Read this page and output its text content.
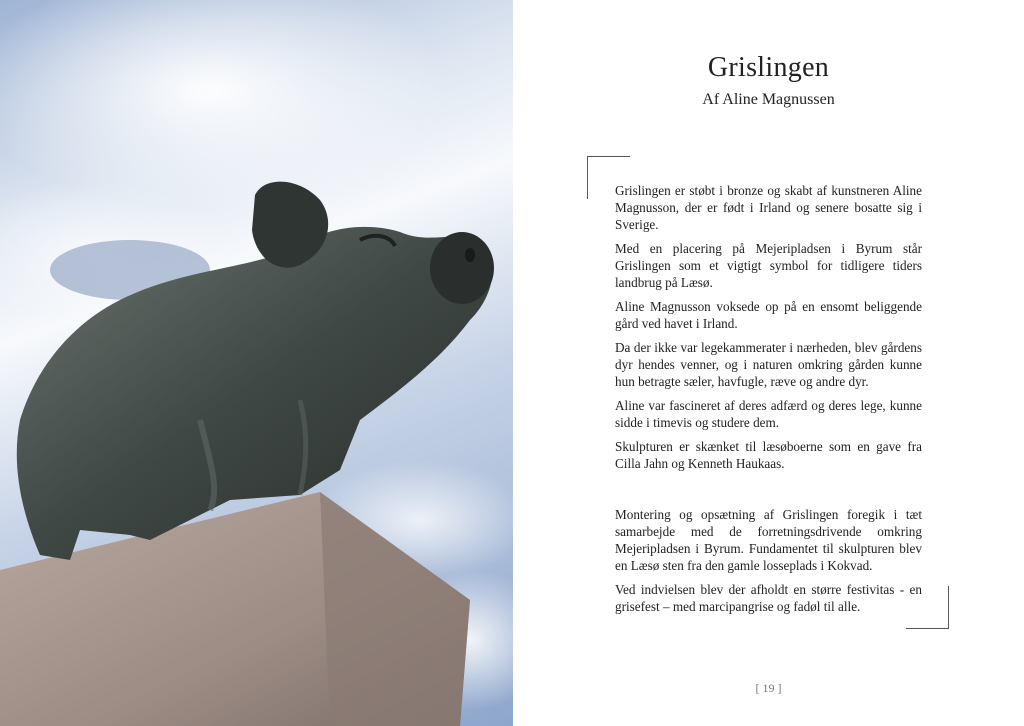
Grislingen
Af Aline Magnussen

Grislingen er støbt i bronze og skabt af kunstneren Aline Magnusson, der er født i Irland og senere bosatte sig i Sverige.

Med en placering på Mejeripladsen i Byrum står Grislingen som et vigtigt symbol for tidligere tiders landbrug på Læsø.

Aline Magnusson voksede op på en ensomt beliggende gård ved havet i Irland.

Da der ikke var legekammerater i nærheden, blev gårdens dyr hendes venner, og i naturen omkring gården kunne hun betragte sæler, havfugle, ræve og andre dyr.

Aline var fascineret af deres adfærd og deres lege, kunne sidde i timevis og studere dem.

Skulpturen er skænket til læsøboerne som en gave fra Cilla Jahn og Kenneth Haukaas.

Montering og opsætning af Grislingen foregik i tæt samarbejde med de forretningsdrivende omkring Mejeripladsen i Byrum. Fundamentet til skulpturen blev en Læsø sten fra den gamle losseplads i Kokvad.

Ved indvielsen blev der afholdt en større festivitas - en grisefest – med marcipangrise og fadøl til alle.

[ 19 ]
